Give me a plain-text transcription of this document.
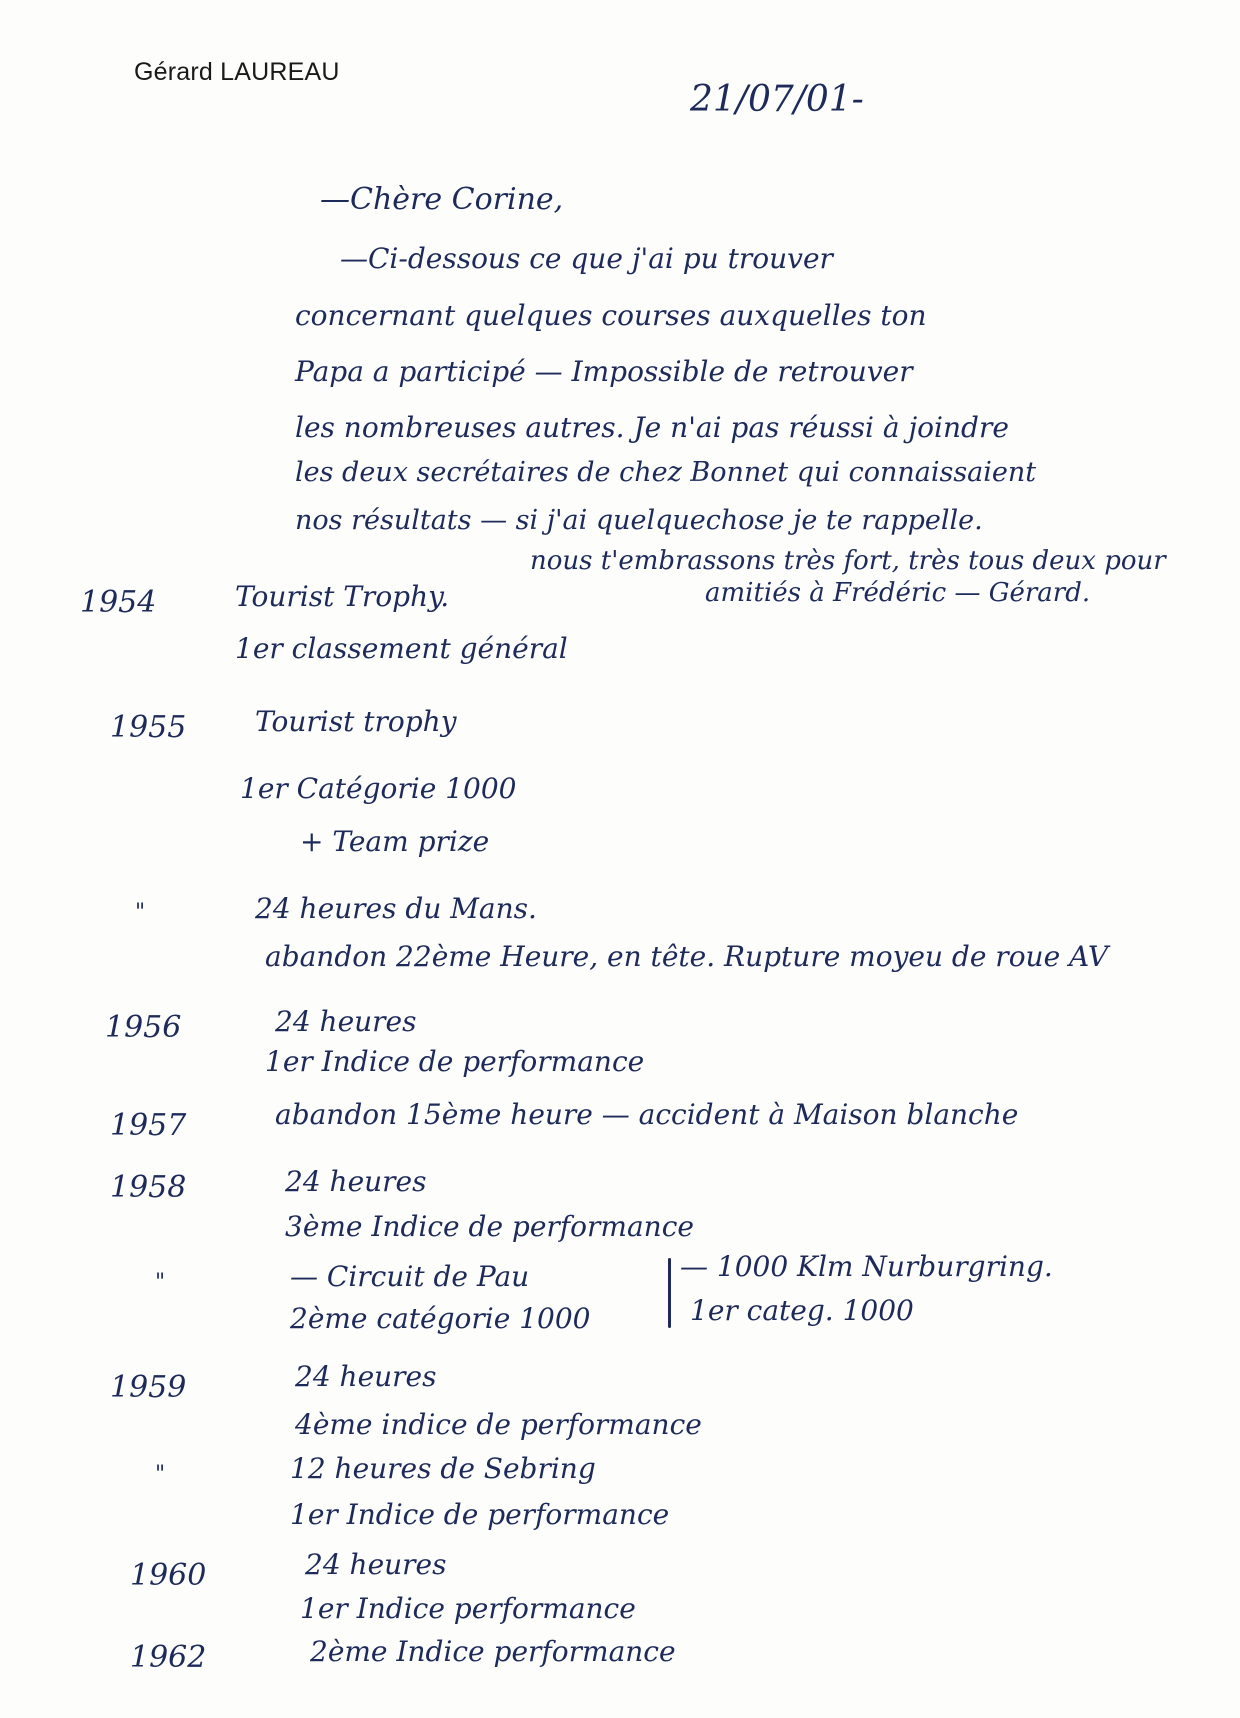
Gérard LAUREAU
21/07/01-
—Chère Corine,
—Ci-dessous ce que j'ai pu trouver
concernant quelques courses auxquelles ton
Papa a participé — Impossible de retrouver
les nombreuses autres. Je n'ai pas réussi à joindre
les deux secrétaires de chez Bonnet qui connaissaient
nos résultats — si j'ai quelquechose je te rappelle.
nous t'embrassons très fort, très tous deux pour
amitiés à Frédéric — Gérard.
1954	Tourist Trophy.
1er classement général
1955 Tourist trophy
1er Catégorie 1000
+ Team prize
"	24 heures du Mans.
abandon 22ème Heure, en tête. Rupture moyeu de roue AV
1956	24 heures
1er Indice de performance
1957	abandon 15ème heure — accident à Maison blanche
1958	24 heures
3ème Indice de performance
"	— Circuit de Pau
2ème catégorie 1000
— 1000 Klm Nurburgring.
1er categ. 1000
1959	24 heures
4ème indice de performance
"	12 heures de Sebring
1er Indice de performance
1960	24 heures
1er Indice performance
1962	2ème Indice performance
